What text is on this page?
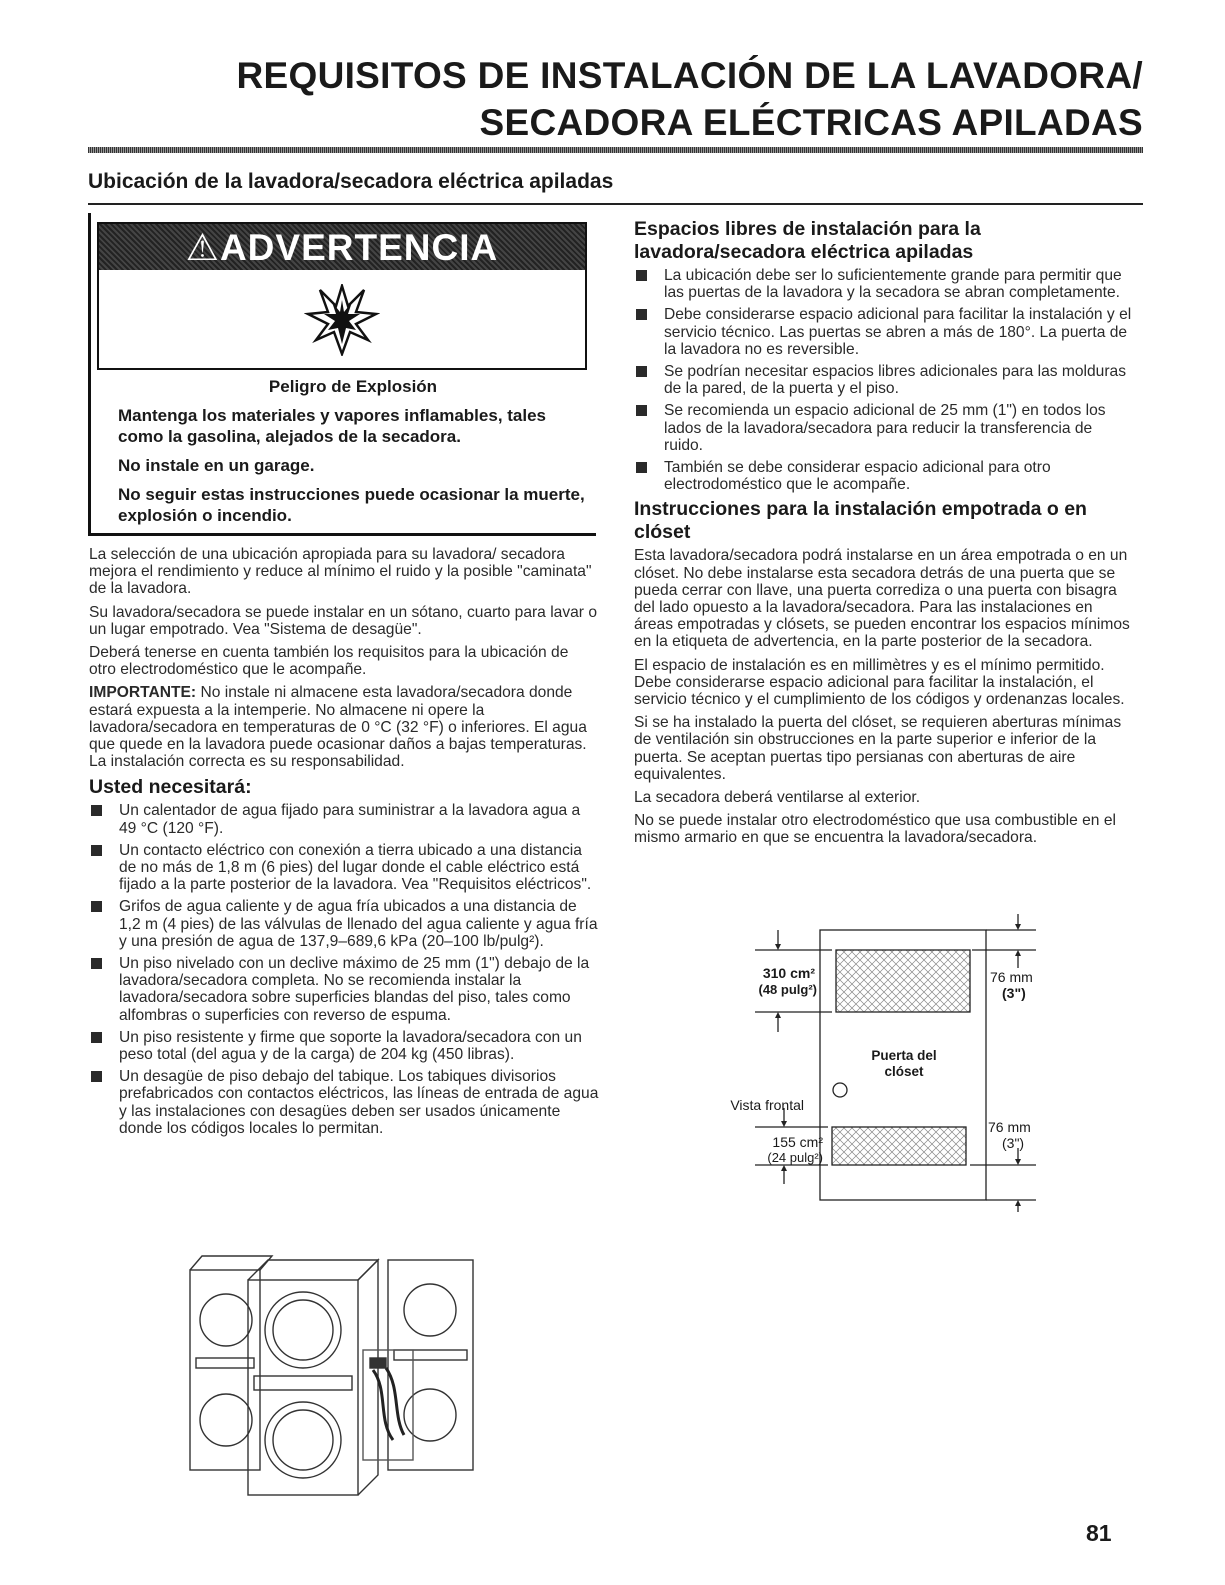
REQUISITOS DE INSTALACIÓN DE LA LAVADORA/
SECADORA ELÉCTRICAS APILADAS
Ubicación de la lavadora/secadora eléctrica apiladas
⚠ADVERTENCIA
Peligro de Explosión

Mantenga los materiales y vapores inflamables, tales como la gasolina, alejados de la secadora.

No instale en un garage.

No seguir estas instrucciones puede ocasionar la muerte, explosión o incendio.

La selección de una ubicación apropiada para su lavadora/ secadora mejora el rendimiento y reduce al mínimo el ruido y la posible "caminata" de la lavadora.

Su lavadora/secadora se puede instalar en un sótano, cuarto para lavar o un lugar empotrado. Vea "Sistema de desagüe".

Deberá tenerse en cuenta también los requisitos para la ubicación de otro electrodoméstico que le acompañe.

IMPORTANTE: No instale ni almacene esta lavadora/secadora donde estará expuesta a la intemperie. No almacene ni opere la lavadora/secadora en temperaturas de 0 °C (32 °F) o inferiores. El agua que quede en la lavadora puede ocasionar daños a bajas temperaturas. La instalación correcta es su responsabilidad.

Usted necesitará:
Un calentador de agua fijado para suministrar a la lavadora agua a 49 °C (120 °F).
Un contacto eléctrico con conexión a tierra ubicado a una distancia de no más de 1,8 m (6 pies) del lugar donde el cable eléctrico está fijado a la parte posterior de la lavadora. Vea "Requisitos eléctricos".
Grifos de agua caliente y de agua fría ubicados a una distancia de 1,2 m (4 pies) de las válvulas de llenado del agua caliente y agua fría y una presión de agua de 137,9–689,6 kPa (20–100 lb/pulg²).
Un piso nivelado con un declive máximo de 25 mm (1") debajo de la lavadora/secadora completa. No se recomienda instalar la lavadora/secadora sobre superficies blandas del piso, tales como alfombras o superficies con reverso de espuma.
Un piso resistente y firme que soporte la lavadora/secadora con un peso total (del agua y de la carga) de 204 kg (450 libras).
Un desagüe de piso debajo del tabique. Los tabiques divisorios prefabricados con contactos eléctricos, las líneas de entrada de agua y las instalaciones con desagües deben ser usados únicamente donde los códigos locales lo permitan.
Espacios libres de instalación para la lavadora/secadora eléctrica apiladas
La ubicación debe ser lo suficientemente grande para permitir que las puertas de la lavadora y la secadora se abran completamente.
Debe considerarse espacio adicional para facilitar la instalación y el servicio técnico. Las puertas se abren a más de 180°. La puerta de la lavadora no es reversible.
Se podrían necesitar espacios libres adicionales para las molduras de la pared, de la puerta y el piso.
Se recomienda un espacio adicional de 25 mm (1") en todos los lados de la lavadora/secadora para reducir la transferencia de ruido.
También se debe considerar espacio adicional para otro electrodoméstico que le acompañe.
Instrucciones para la instalación empotrada o en clóset

Esta lavadora/secadora podrá instalarse en un área empotrada o en un clóset. No debe instalarse esta secadora detrás de una puerta que se pueda cerrar con llave, una puerta corrediza o una puerta con bisagra del lado opuesto a la lavadora/secadora. Para las instalaciones en áreas empotradas y clósets, se pueden encontrar los espacios mínimos en la etiqueta de advertencia, en la parte posterior de la secadora.

El espacio de instalación es en millimètres y es el mínimo permitido. Debe considerarse espacio adicional para facilitar la instalación, el servicio técnico y el cumplimiento de los códigos y ordenanzas locales.

Si se ha instalado la puerta del clóset, se requieren aberturas mínimas de ventilación sin obstrucciones en la parte superior e inferior de la puerta. Se aceptan puertas tipo persianas con aberturas de aire equivalentes.

La secadora deberá ventilarse al exterior.

No se puede instalar otro electrodoméstico que usa combustible en el mismo armario en que se encuentra la lavadora/secadora.

310 cm²
(48 pulg²)
76 mm
(3")
Puerta del
clóset
Vista frontal
155 cm²
(24 pulg²)
76 mm
(3")
81
